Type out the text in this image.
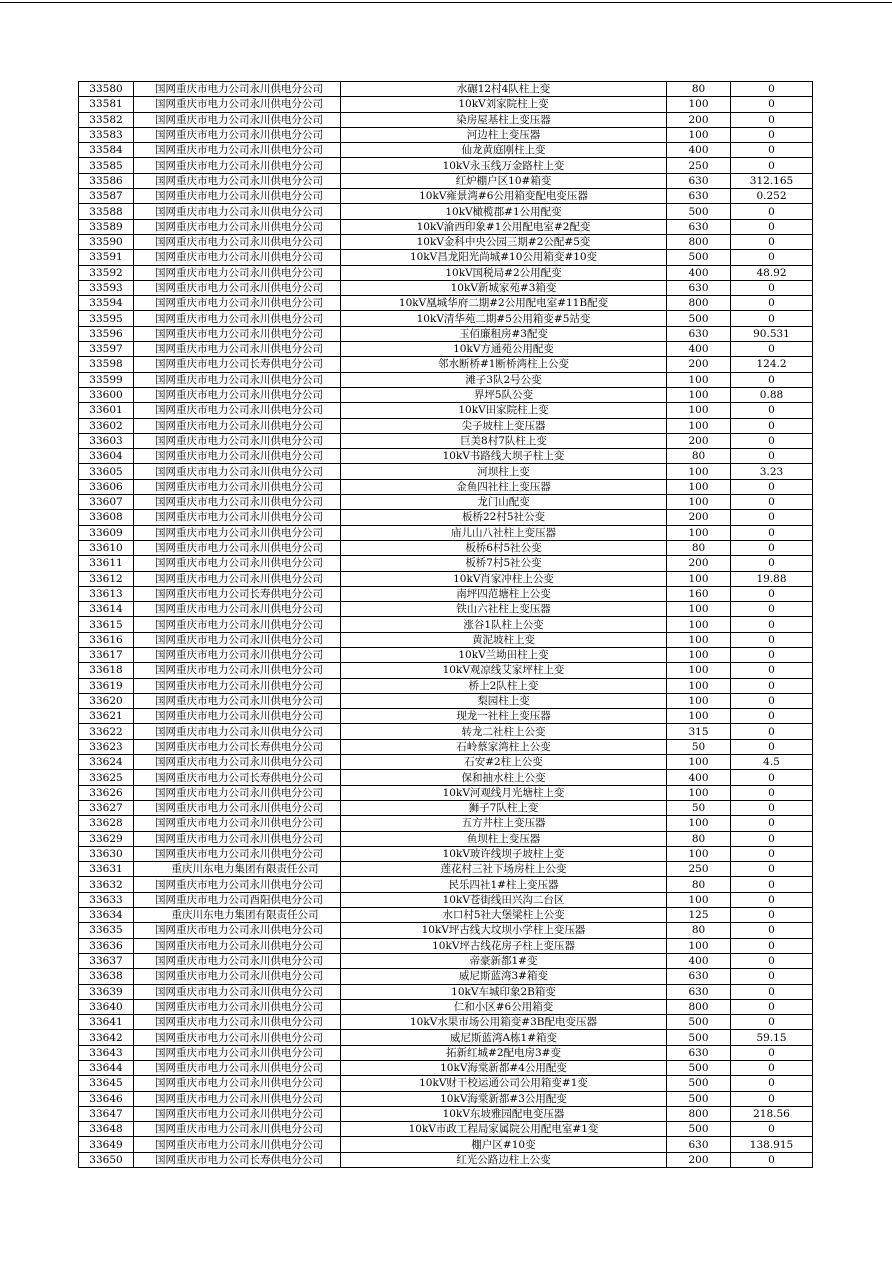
33580	国网重庆市电力公司永川供电分公司	水碾12村4队柱上变	80	0
33581	国网重庆市电力公司永川供电分公司	10kV刘家院柱上变	100	0
33582	国网重庆市电力公司永川供电分公司	染房屋基柱上变压器	200	0
33583	国网重庆市电力公司永川供电分公司	河边柱上变压器	100	0
33584	国网重庆市电力公司永川供电分公司	仙龙黄庭刚柱上变	400	0
33585	国网重庆市电力公司永川供电分公司	10kV永玉线万金路柱上变	250	0
33586	国网重庆市电力公司永川供电分公司	红炉棚户区10#箱变	630	312.165
33587	国网重庆市电力公司永川供电分公司	10kV雍景湾#6公用箱变配电变压器	630	0.252
33588	国网重庆市电力公司永川供电分公司	10kV橄榄郡#1公用配变	500	0
33589	国网重庆市电力公司永川供电分公司	10kV渝西印象#1公用配电室#2配变	630	0
33590	国网重庆市电力公司永川供电分公司	10kV金科中央公园三期#2公配#5变	800	0
33591	国网重庆市电力公司永川供电分公司	10kV昌龙阳光尚城#10公用箱变#10变	500	0
33592	国网重庆市电力公司永川供电分公司	10kV国税局#2公用配变	400	48.92
33593	国网重庆市电力公司永川供电分公司	10kV新城家苑#3箱变	630	0
33594	国网重庆市电力公司永川供电分公司	10kV凰城华府二期#2公用配电室#11B配变	800	0
33595	国网重庆市电力公司永川供电分公司	10kV清华苑二期#5公用箱变#5站变	500	0
33596	国网重庆市电力公司永川供电分公司	玉佰廉租房#3配变	630	90.531
33597	国网重庆市电力公司永川供电分公司	10kV方通苑公用配变	400	0
33598	国网重庆市电力公司长寿供电分公司	邻水断桥#1断桥湾柱上公变	200	124.2
33599	国网重庆市电力公司永川供电分公司	滩子3队2号公变	100	0
33600	国网重庆市电力公司永川供电分公司	界坪5队公变	100	0.88
33601	国网重庆市电力公司永川供电分公司	10kV田家院柱上变	100	0
33602	国网重庆市电力公司永川供电分公司	尖子坡柱上变压器	100	0
33603	国网重庆市电力公司永川供电分公司	巨美8村7队柱上变	200	0
33604	国网重庆市电力公司永川供电分公司	10kV书路线大坝子柱上变	80	0
33605	国网重庆市电力公司永川供电分公司	河坝柱上变	100	3.23
33606	国网重庆市电力公司永川供电分公司	金鱼四社柱上变压器	100	0
33607	国网重庆市电力公司永川供电分公司	龙门山配变	100	0
33608	国网重庆市电力公司永川供电分公司	板桥22村5社公变	200	0
33609	国网重庆市电力公司永川供电分公司	庙儿山八社柱上变压器	100	0
33610	国网重庆市电力公司永川供电分公司	板桥6村5社公变	80	0
33611	国网重庆市电力公司永川供电分公司	板桥7村5社公变	200	0
33612	国网重庆市电力公司永川供电分公司	10kV肖家冲柱上公变	100	19.88
33613	国网重庆市电力公司长寿供电分公司	南坪四范塘柱上公变	160	0
33614	国网重庆市电力公司永川供电分公司	铁山六社柱上变压器	100	0
33615	国网重庆市电力公司永川供电分公司	涨谷1队柱上公变	100	0
33616	国网重庆市电力公司永川供电分公司	黄泥坡柱上变	100	0
33617	国网重庆市电力公司永川供电分公司	10kV兰坳田柱上变	100	0
33618	国网重庆市电力公司永川供电分公司	10kV观凉线艾家坪柱上变	100	0
33619	国网重庆市电力公司永川供电分公司	桥上2队柱上变	100	0
33620	国网重庆市电力公司永川供电分公司	梨园柱上变	100	0
33621	国网重庆市电力公司永川供电分公司	现龙一社柱上变压器	100	0
33622	国网重庆市电力公司永川供电分公司	转龙二社柱上公变	315	0
33623	国网重庆市电力公司长寿供电分公司	石岭蔡家湾柱上公变	50	0
33624	国网重庆市电力公司永川供电分公司	石安#2柱上公变	100	4.5
33625	国网重庆市电力公司长寿供电分公司	保和抽水柱上公变	400	0
33626	国网重庆市电力公司永川供电分公司	10kV河观线月光塘柱上变	100	0
33627	国网重庆市电力公司永川供电分公司	狮子7队柱上变	50	0
33628	国网重庆市电力公司永川供电分公司	五方井柱上变压器	100	0
33629	国网重庆市电力公司永川供电分公司	鱼坝柱上变压器	80	0
33630	国网重庆市电力公司永川供电分公司	10kV玻许线坝子坡柱上变	100	0
33631	重庆川东电力集团有限责任公司	莲花村三社下场房柱上公变	250	0
33632	国网重庆市电力公司永川供电分公司	民乐四社1#柱上变压器	80	0
33633	国网重庆市电力公司酉阳供电分公司	10kV苍街线田兴沟二台区	100	0
33634	重庆川东电力集团有限责任公司	水口村5社大堡梁柱上公变	125	0
33635	国网重庆市电力公司永川供电分公司	10kV坪古线大坟坝小学柱上变压器	80	0
33636	国网重庆市电力公司永川供电分公司	10kV坪古线花房子柱上变压器	100	0
33637	国网重庆市电力公司永川供电分公司	帝豪新都1#变	400	0
33638	国网重庆市电力公司永川供电分公司	威尼斯蓝湾3#箱变	630	0
33639	国网重庆市电力公司永川供电分公司	10kV车城印象2B箱变	630	0
33640	国网重庆市电力公司永川供电分公司	仁和小区#6公用箱变	800	0
33641	国网重庆市电力公司永川供电分公司	10kV水果市场公用箱变#3B配电变压器	500	0
33642	国网重庆市电力公司永川供电分公司	威尼斯蓝湾A栋1#箱变	500	59.15
33643	国网重庆市电力公司永川供电分公司	拓新红城#2配电房3#变	630	0
33644	国网重庆市电力公司永川供电分公司	10kV海棠新都#4公用配变	500	0
33645	国网重庆市电力公司永川供电分公司	10kV财干校运通公司公用箱变#1变	500	0
33646	国网重庆市电力公司永川供电分公司	10kV海棠新都#3公用配变	500	0
33647	国网重庆市电力公司永川供电分公司	10kV东坡雅园配电变压器	800	218.56
33648	国网重庆市电力公司永川供电分公司	10kV市政工程局家属院公用配电室#1变	500	0
33649	国网重庆市电力公司永川供电分公司	棚户区#10变	630	138.915
33650	国网重庆市电力公司长寿供电分公司	红光公路边柱上公变	200	0
